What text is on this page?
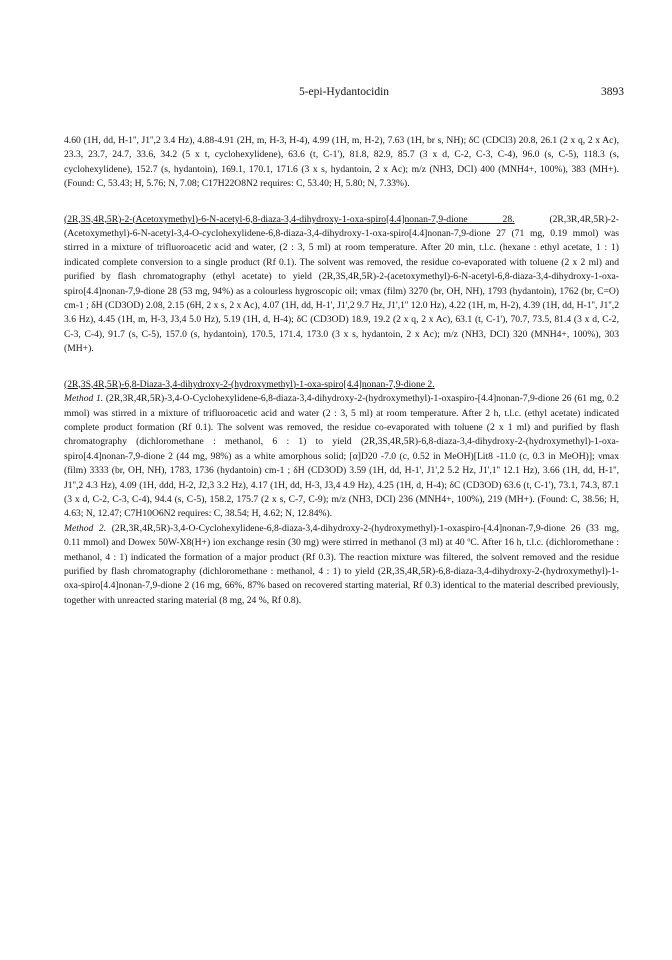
5-epi-Hydantocidin	3893

4.60 (1H, dd, H-1'', J1'',2 3.4 Hz), 4.88-4.91 (2H, m, H-3, H-4), 4.99 (1H, m, H-2), 7.63 (1H, br s, NH); δC (CDCl3) 20.8, 26.1 (2 x q, 2 x Ac), 23.3, 23.7, 24.7, 33.6, 34.2 (5 x t, cyclohexylidene), 63.6 (t, C-1'), 81.8, 82.9, 85.7 (3 x d, C-2, C-3, C-4), 96.0 (s, C-5), 118.3 (s, cyclohexylidene), 152.7 (s, hydantoin), 169.1, 170.1, 171.6 (3 x s, hydantoin, 2 x Ac); m/z (NH3, DCI) 400 (MNH4+, 100%), 383 (MH+). (Found: C, 53.43; H, 5.76; N, 7.08; C17H22O8N2 requires: C, 53.40; H, 5.80; N, 7.33%).

(2R,3S,4R,5R)-2-(Acetoxymethyl)-6-N-acetyl-6,8-diaza-3,4-dihydroxy-1-oxa-spiro[4.4]nonan-7,9-dione 28.	(2R,3R,4R,5R)-2-(Acetoxymethyl)-6-N-acetyl-3,4-O-cyclohexylidene-6,8-diaza-3,4-dihydroxy-1-oxa-spiro[4.4]nonan-7,9-dione 27 (71 mg, 0.19 mmol) was stirred in a mixture of trifluoroacetic acid and water, (2 : 3, 5 ml) at room temperature. After 20 min, t.l.c. (hexane : ethyl acetate, 1 : 1) indicated complete conversion to a single product (Rf 0.1). The solvent was removed, the residue co-evaporated with toluene (2 x 2 ml) and purified by flash chromatography (ethyl acetate) to yield (2R,3S,4R,5R)-2-(acetoxymethyl)-6-N-acetyl-6,8-diaza-3,4-dihydroxy-1-oxa-spiro[4.4]nonan-7,9-dione 28 (53 mg, 94%) as a colourless hygroscopic oil; νmax (film) 3270 (br, OH, NH), 1793 (hydantoin), 1762 (br, C=O) cm-1 ; δH (CD3OD) 2.08, 2.15 (6H, 2 x s, 2 x Ac), 4.07 (1H, dd, H-1', J1',2 9.7 Hz, J1',1'' 12.0 Hz), 4.22 (1H, m, H-2), 4.39 (1H, dd, H-1'', J1'',2 3.6 Hz), 4.45 (1H, m, H-3, J3,4 5.0 Hz), 5.19 (1H, d, H-4); δC (CD3OD) 18.9, 19.2 (2 x q, 2 x Ac), 63.1 (t, C-1'), 70.7, 73.5, 81.4 (3 x d, C-2, C-3, C-4), 91.7 (s, C-5), 157.0 (s, hydantoin), 170.5, 171.4, 173.0 (3 x s, hydantoin, 2 x Ac); m/z (NH3, DCI) 320 (MNH4+, 100%), 303 (MH+).

(2R,3S,4R,5R)-6,8-Diaza-3,4-dihydroxy-2-(hydroxymethyl)-1-oxa-spiro[4.4]nonan-7,9-dione 2.

Method 1. (2R,3R,4R,5R)-3,4-O-Cyclohexylidene-6,8-diaza-3,4-dihydroxy-2-(hydroxymethyl)-1-oxaspiro-[4.4]nonan-7,9-dione 26 (61 mg, 0.2 mmol) was stirred in a mixture of trifluoroacetic acid and water (2 : 3, 5 ml) at room temperature. After 2 h, t.l.c. (ethyl acetate) indicated complete product formation (Rf 0.1). The solvent was removed, the residue co-evaporated with toluene (2 x 1 ml) and purified by flash chromatography (dichloromethane : methanol, 6 : 1) to yield (2R,3S,4R,5R)-6,8-diaza-3,4-dihydroxy-2-(hydroxymethyl)-1-oxa-spiro[4.4]nonan-7,9-dione 2 (44 mg, 98%) as a white amorphous solid; [α]D20 -7.0 (c, 0.52 in MeOH)[Lit8 -11.0 (c, 0.3 in MeOH)]; νmax (film) 3333 (br, OH, NH), 1783, 1736 (hydantoin) cm-1 ; δH (CD3OD) 3.59 (1H, dd, H-1', J1',2 5.2 Hz, J1',1'' 12.1 Hz), 3.66 (1H, dd, H-1'', J1'',2 4.3 Hz), 4.09 (1H, ddd, H-2, J2,3 3.2 Hz), 4.17 (1H, dd, H-3, J3,4 4.9 Hz), 4.25 (1H, d, H-4); δC (CD3OD) 63.6 (t, C-1'), 73.1, 74.3, 87.1 (3 x d, C-2, C-3, C-4), 94.4 (s, C-5), 158.2, 175.7 (2 x s, C-7, C-9); m/z (NH3, DCI) 236 (MNH4+, 100%), 219 (MH+). (Found: C, 38.56; H, 4.63; N, 12.47; C7H10O6N2 requires: C, 38.54; H, 4.62; N, 12.84%).

Method 2. (2R,3R,4R,5R)-3,4-O-Cyclohexylidene-6,8-diaza-3,4-dihydroxy-2-(hydroxymethyl)-1-oxaspiro-[4.4]nonan-7,9-dione 26 (33 mg, 0.11 mmol) and Dowex 50W-X8(H+) ion exchange resin (30 mg) were stirred in methanol (3 ml) at 40 ºC. After 16 h, t.l.c. (dichloromethane : methanol, 4 : 1) indicated the formation of a major product (Rf 0.3). The reaction mixture was filtered, the solvent removed and the residue purified by flash chromatography (dichloromethane : methanol, 4 : 1) to yield (2R,3S,4R,5R)-6,8-diaza-3,4-dihydroxy-2-(hydroxymethyl)-1-oxa-spiro[4.4]nonan-7,9-dione 2 (16 mg, 66%, 87% based on recovered starting material, Rf 0.3) identical to the material described previously, together with unreacted staring material (8 mg, 24 %, Rf 0.8).
